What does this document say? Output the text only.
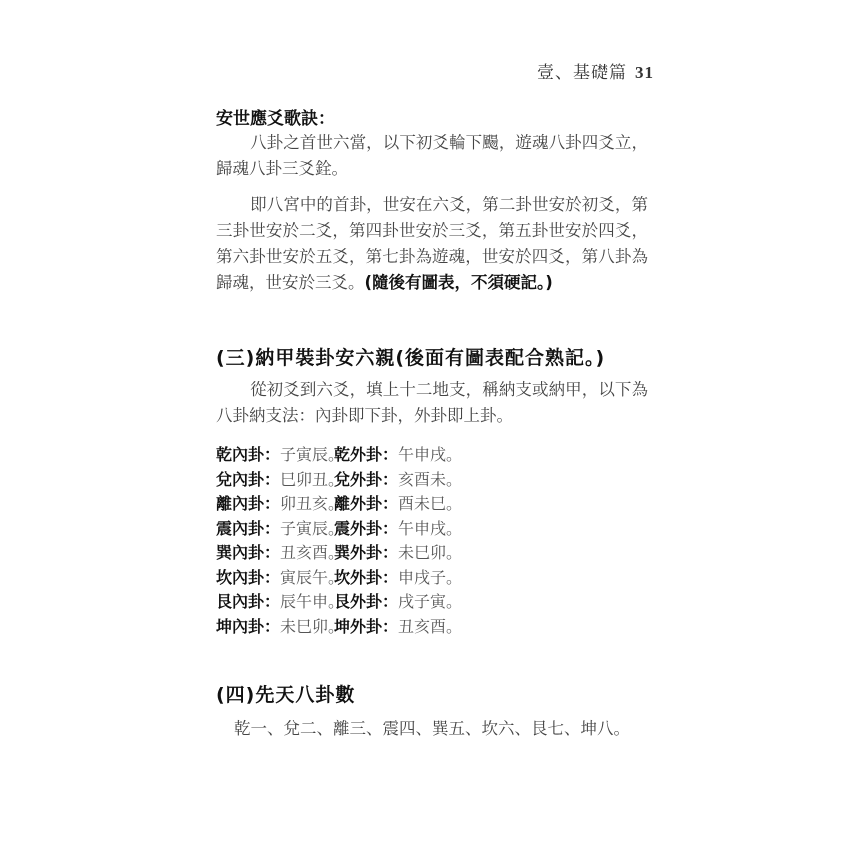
壹、基礎篇 31
安世應爻歌訣：
八卦之首世六當，以下初爻輪下颺，遊魂八卦四爻立，歸魂八卦三爻銓。
即八宮中的首卦，世安在六爻，第二卦世安於初爻，第三卦世安於二爻，第四卦世安於三爻，第五卦世安於四爻，第六卦世安於五爻，第七卦為遊魂，世安於四爻，第八卦為歸魂，世安於三爻。(隨後有圖表，不須硬記。)
(三)納甲裝卦安六親(後面有圖表配合熟記。)
從初爻到六爻，填上十二地支，稱納支或納甲，以下為八卦納支法：內卦即下卦，外卦即上卦。
乾內卦：子寅辰。
乾外卦：午申戌。
兌內卦：巳卯丑。
兌外卦：亥酉未。
離內卦：卯丑亥。
離外卦：酉未巳。
震內卦：子寅辰。
震外卦：午申戌。
巽內卦：丑亥酉。
巽外卦：未巳卯。
坎內卦：寅辰午。
坎外卦：申戌子。
艮內卦：辰午申。
艮外卦：戌子寅。
坤內卦：未巳卯。
坤外卦：丑亥酉。
(四)先天八卦數
乾一、兌二、離三、震四、巽五、坎六、艮七、坤八。
